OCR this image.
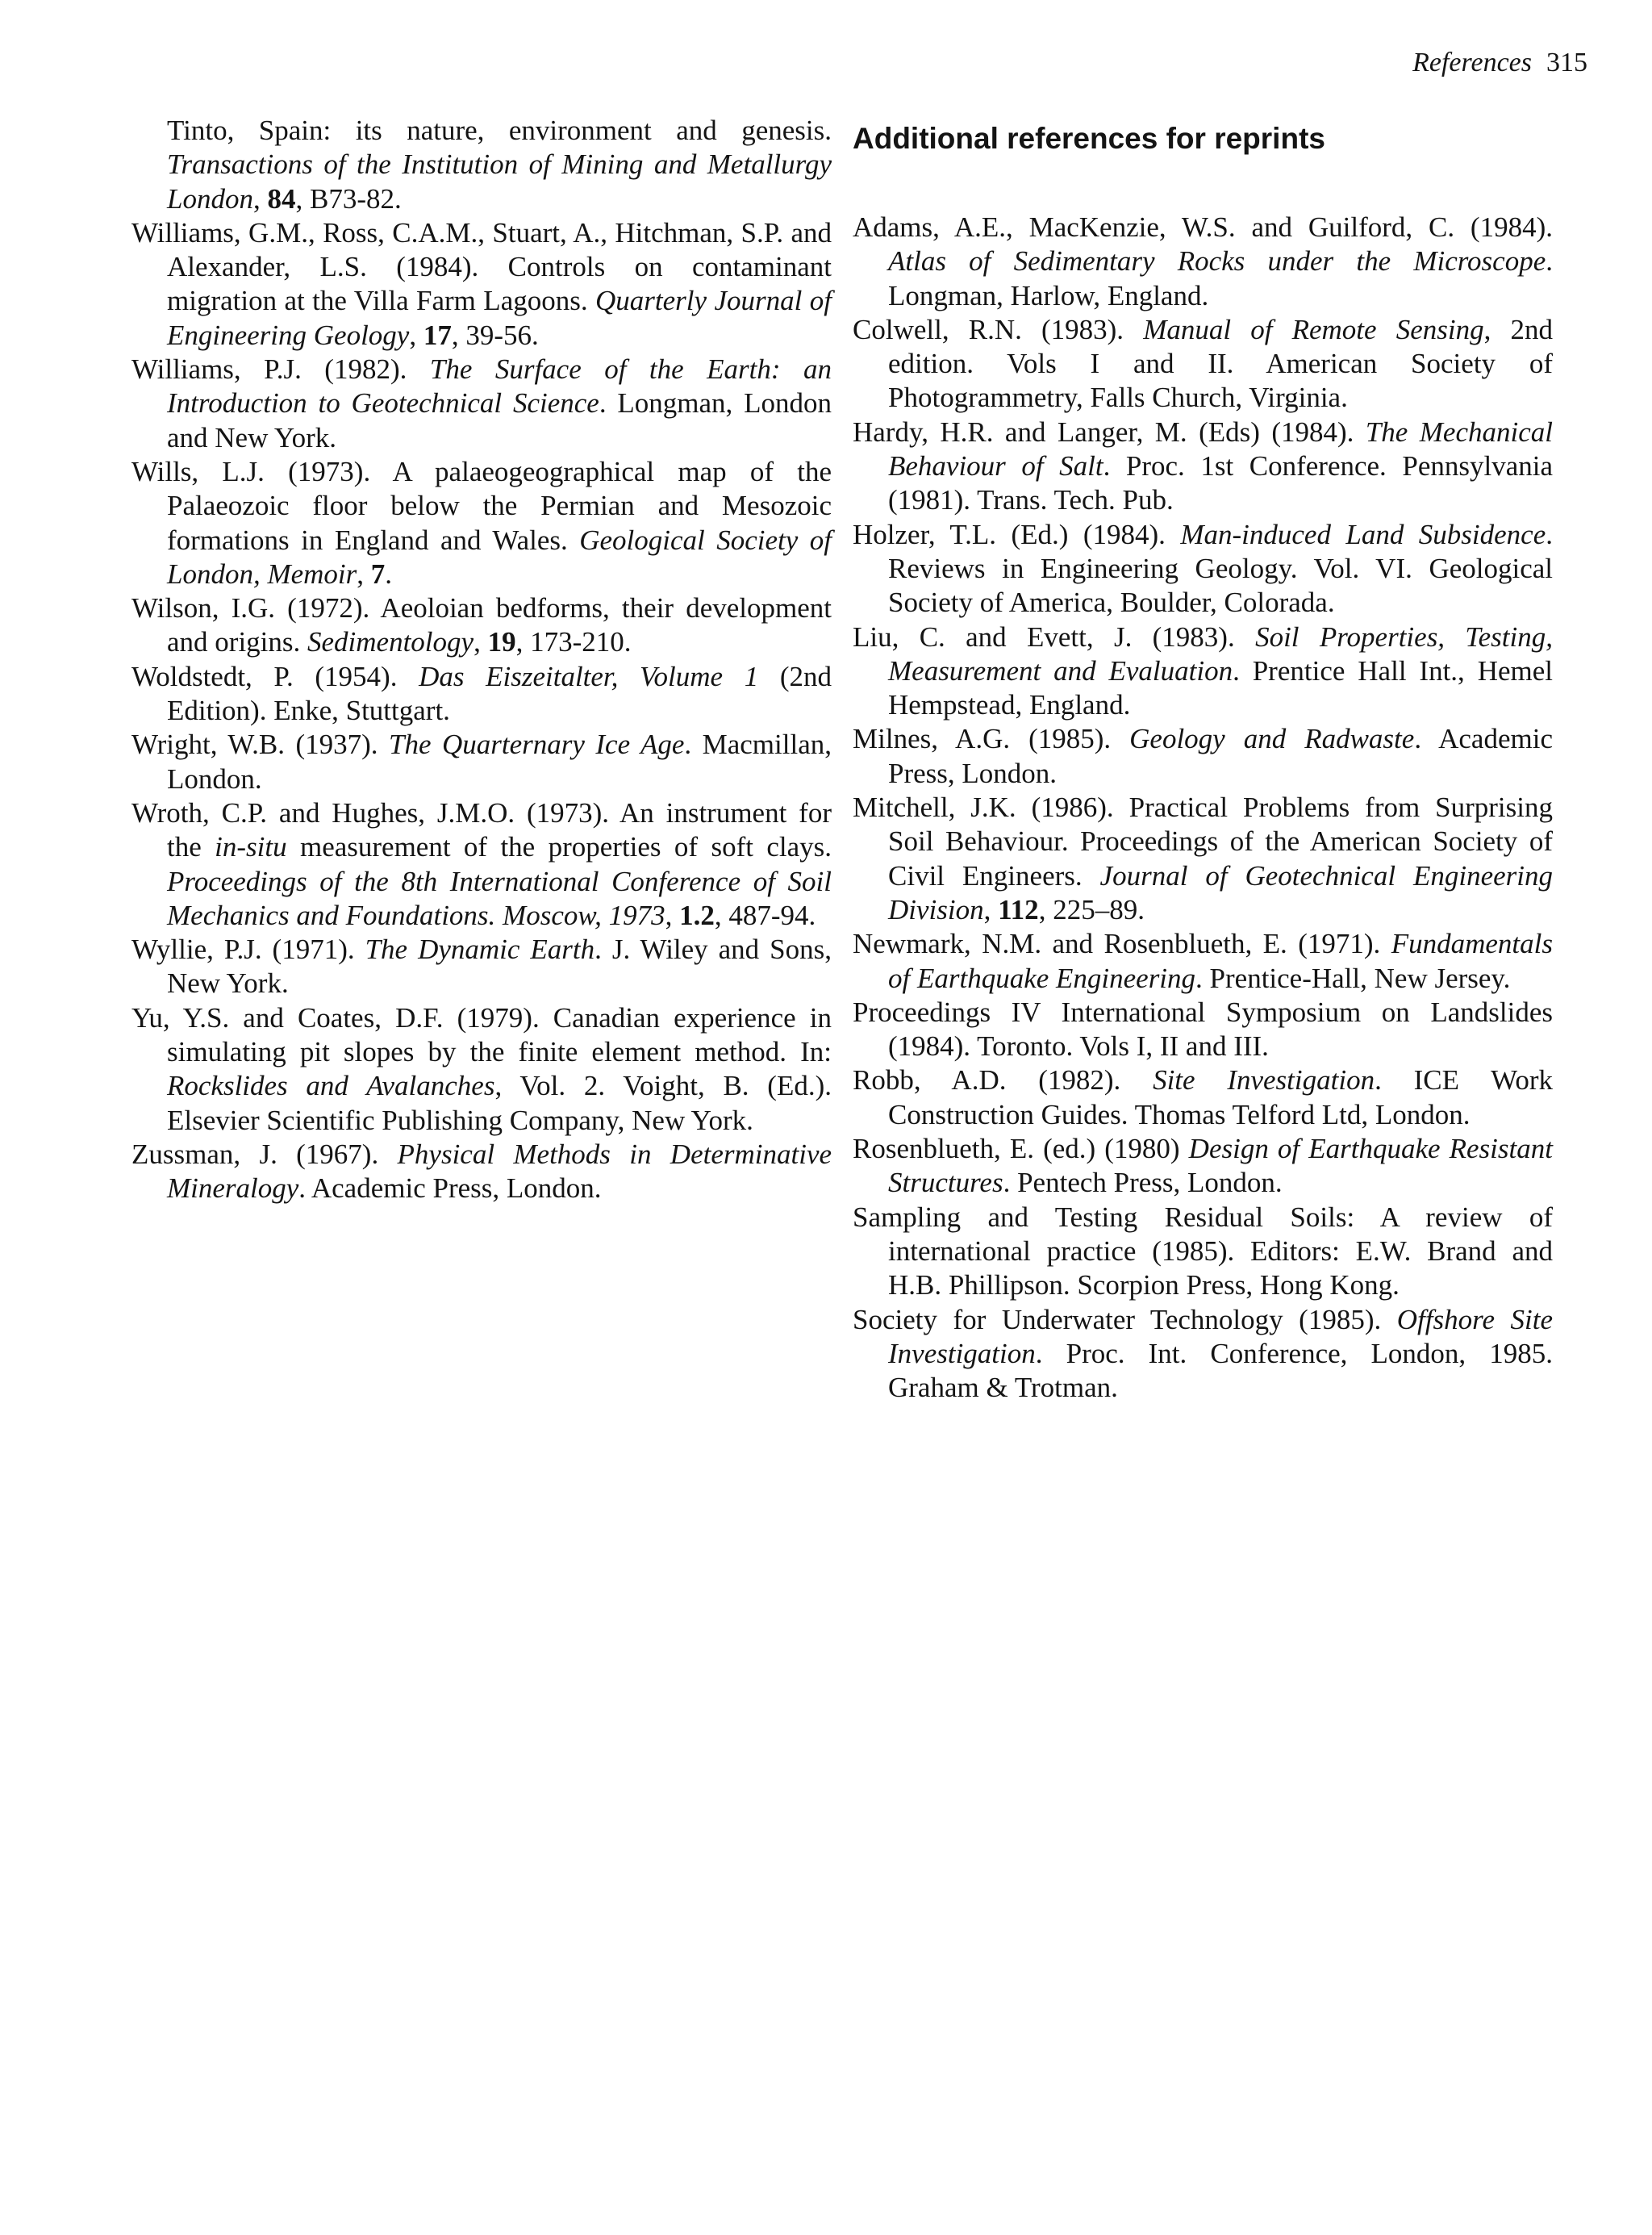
References 315

Tinto, Spain: its nature, environment and genesis. Transactions of the Institution of Mining and Metallurgy London, 84, B73-82.

Williams, G.M., Ross, C.A.M., Stuart, A., Hitchman, S.P. and Alexander, L.S. (1984). Controls on contaminant migration at the Villa Farm Lagoons. Quarterly Journal of Engineering Geology, 17, 39-56.

Williams, P.J. (1982). The Surface of the Earth: an Introduction to Geotechnical Science. Longman, London and New York.

Wills, L.J. (1973). A palaeogeographical map of the Palaeozoic floor below the Permian and Mesozoic formations in England and Wales. Geological Society of London, Memoir, 7.

Wilson, I.G. (1972). Aeoloian bedforms, their development and origins. Sedimentology, 19, 173-210.

Woldstedt, P. (1954). Das Eiszeitalter, Volume 1 (2nd Edition). Enke, Stuttgart.

Wright, W.B. (1937). The Quarternary Ice Age. Macmillan, London.

Wroth, C.P. and Hughes, J.M.O. (1973). An instrument for the in-situ measurement of the properties of soft clays. Proceedings of the 8th International Conference of Soil Mechanics and Foundations. Moscow, 1973, 1.2, 487-94.

Wyllie, P.J. (1971). The Dynamic Earth. J. Wiley and Sons, New York.

Yu, Y.S. and Coates, D.F. (1979). Canadian experience in simulating pit slopes by the finite element method. In: Rockslides and Avalanches, Vol. 2. Voight, B. (Ed.). Elsevier Scientific Publishing Company, New York.

Zussman, J. (1967). Physical Methods in Determinative Mineralogy. Academic Press, London.

Additional references for reprints

Adams, A.E., MacKenzie, W.S. and Guilford, C. (1984). Atlas of Sedimentary Rocks under the Microscope. Longman, Harlow, England.

Colwell, R.N. (1983). Manual of Remote Sensing, 2nd edition. Vols I and II. American Society of Photogrammetry, Falls Church, Virginia.

Hardy, H.R. and Langer, M. (Eds) (1984). The Mechanical Behaviour of Salt. Proc. 1st Conference. Pennsylvania (1981). Trans. Tech. Pub.

Holzer, T.L. (Ed.) (1984). Man-induced Land Subsidence. Reviews in Engineering Geology. Vol. VI. Geological Society of America, Boulder, Colorada.

Liu, C. and Evett, J. (1983). Soil Properties, Testing, Measurement and Evaluation. Prentice Hall Int., Hemel Hempstead, England.

Milnes, A.G. (1985). Geology and Radwaste. Academic Press, London.

Mitchell, J.K. (1986). Practical Problems from Surprising Soil Behaviour. Proceedings of the American Society of Civil Engineers. Journal of Geotechnical Engineering Division, 112, 225–89.

Newmark, N.M. and Rosenblueth, E. (1971). Fundamentals of Earthquake Engineering. Prentice-Hall, New Jersey.

Proceedings IV International Symposium on Landslides (1984). Toronto. Vols I, II and III.

Robb, A.D. (1982). Site Investigation. ICE Work Construction Guides. Thomas Telford Ltd, London.

Rosenblueth, E. (ed.) (1980) Design of Earthquake Resistant Structures. Pentech Press, London.

Sampling and Testing Residual Soils: A review of international practice (1985). Editors: E.W. Brand and H.B. Phillipson. Scorpion Press, Hong Kong.

Society for Underwater Technology (1985). Offshore Site Investigation. Proc. Int. Conference, London, 1985. Graham & Trotman.
